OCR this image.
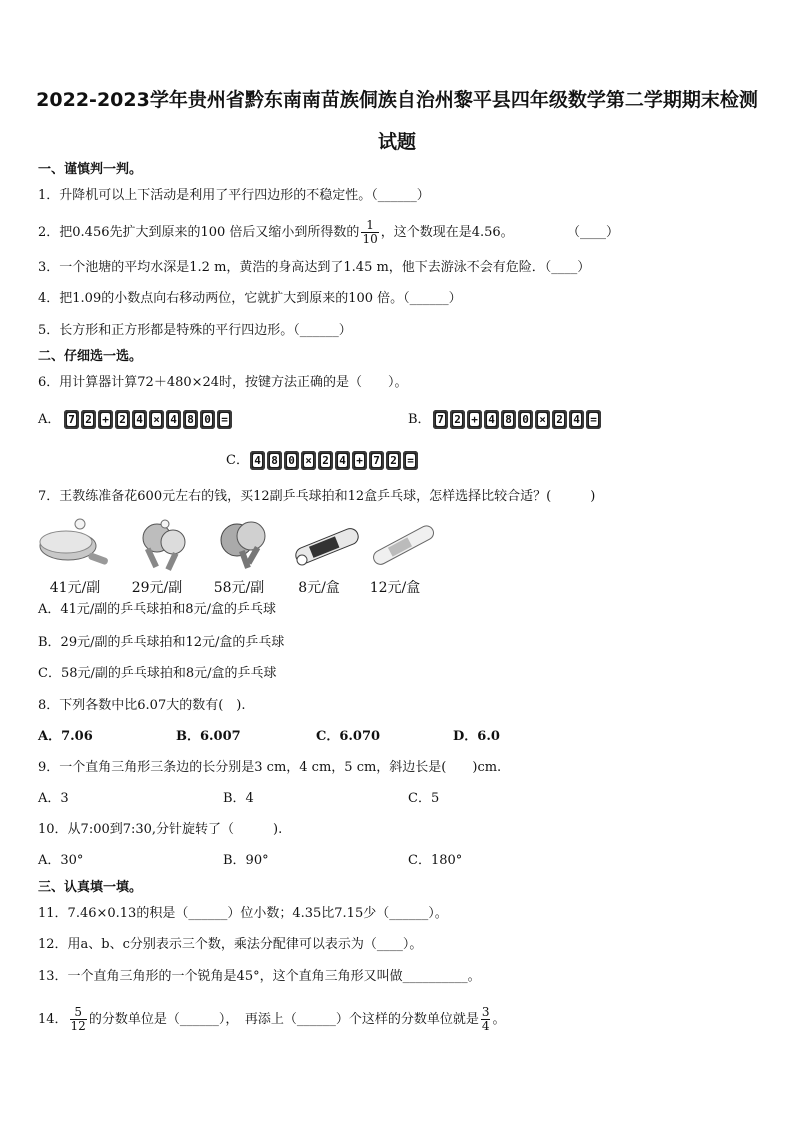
2022-2023学年贵州省黔东南南苗族侗族自治州黎平县四年级数学第二学期期末检测
试题
一、谨慎判一判。
1．升降机可以上下活动是利用了平行四边形的不稳定性。（______）
2．把0.456先扩大到原来的100 倍后又缩小到所得数的 $\frac{1}{10}$ ，这个数现在是4.56。	（____）
3．一个池塘的平均水深是1.2 m，黄浩的身高达到了1.45 m，他下去游泳不会有危险．（____）
4．把1.09的小数点向右移动两位，它就扩大到原来的100 倍。（______）
5．长方形和正方形都是特殊的平行四边形。（______）
二、仔细选一选。
6．用计算器计算72＋480×24时，按键方法正确的是（　　）。
A． 7 2 + 2 4 × 4 8 0 =	B． 7 2 + 4 8 0 × 2 4 =
C． 4 8 0 × 2 4 + 7 2 =
7．王教练准备花600元左右的钱，买12副乒乓球拍和12盒乒乓球，怎样选择比较合适？(　　　)
41元/副	29元/副	58元/副	8元/盒	12元/盒
A．41元/副的乒乓球拍和8元/盒的乒乓球
B．29元/副的乒乓球拍和12元/盒的乒乓球
C．58元/副的乒乓球拍和8元/盒的乒乓球
8．下列各数中比6.07大的数有(　).
A．7.06	B．6.007	C．6.070	D．6.0
9．一个直角三角形三条边的长分别是3 cm，4 cm，5 cm，斜边长是(　　)cm.
A．3	B．4	C．5
10．从7:00到7:30,分针旋转了（　　　).
A．30°	B．90°	C．180°
三、认真填一填。
11．7.46×0.13的积是（______）位小数；4.35比7.15少（______）。
12．用a、b、c分别表示三个数，乘法分配律可以表示为（____）。
13．一个直角三角形的一个锐角是45°，这个直角三角形又叫做__________。
14． $\frac{5}{12}$ 的分数单位是（______），　再添上（______）个这样的分数单位就是 $\frac{3}{4}$ 。
